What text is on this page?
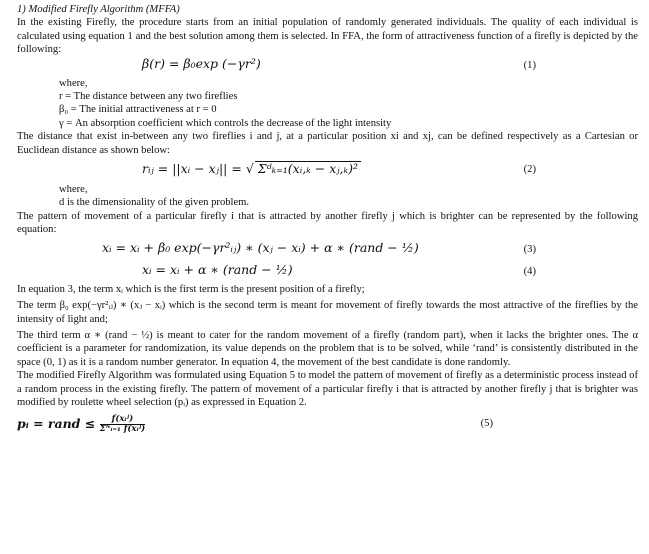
1) Modified Firefly Algorithm (MFFA)
In the existing Firefly, the procedure starts from an initial population of randomly generated individuals. The quality of each individual is calculated using equation 1 and the best solution among them is selected. In FFA, the form of attractiveness function of a firefly is depicted by the following:
β(r) = β₀exp (−γr²)	(1)
where,
r = The distance between any two fireflies
β₀ = The initial attractiveness at r = 0
γ = An absorption coefficient which controls the decrease of the light intensity
The distance that exist in-between any two fireflies i and j, at a particular position xi and xj, can be defined respectively as a Cartesian or Euclidean distance as shown below:
rᵢⱼ = ||xᵢ − xⱼ|| = √ Σᵈₖ₌₁(xᵢ,ₖ − xⱼ,ₖ)²	(2)
where,
d is the dimensionality of the given problem.
The pattern of movement of a particular firefly i that is attracted by another firefly j which is brighter can be represented by the following equation:
xᵢ = xᵢ + β₀ exp(−γr²ᵢⱼ) ∗ (xⱼ − xᵢ) + α ∗ (rand − ½)	(3)
xᵢ = xᵢ + α ∗ (rand − ½)	(4)
In equation 3, the term xᵢ which is the first term is the present position of a firefly;
The term β₀ exp(−γr²ᵢⱼ) ∗ (xⱼ − xᵢ) which is the second term is meant for movement of firefly towards the most attractive of the fireflies by the intensity of light and;
The third term α ∗ (rand − ½) is meant to cater for the random movement of a firefly (random part), when it lacks the brighter ones. The α coefficient is a parameter for randomization, its value depends on the problem that is to be solved, while ‘rand’ is consistently distributed in the space (0, 1) as it is a random number generator. In equation 4, the movement of the best candidate is done randomly.
The modified Firefly Algorithm was formulated using Equation 5 to model the pattern of movement of firefly as a deterministic process instead of a random process in the existing firefly. The pattern of movement of a particular firefly i that is attracted by another firefly j that is brighter was modified by roulette wheel selection (pᵢ) as expressed in Equation 2.
pᵢ = rand ≤ $\frac{\text{f(xᵢʲ)}}{\text{Σᴺᵢ₌₁ f(xᵢʲ)}}$	(5)
